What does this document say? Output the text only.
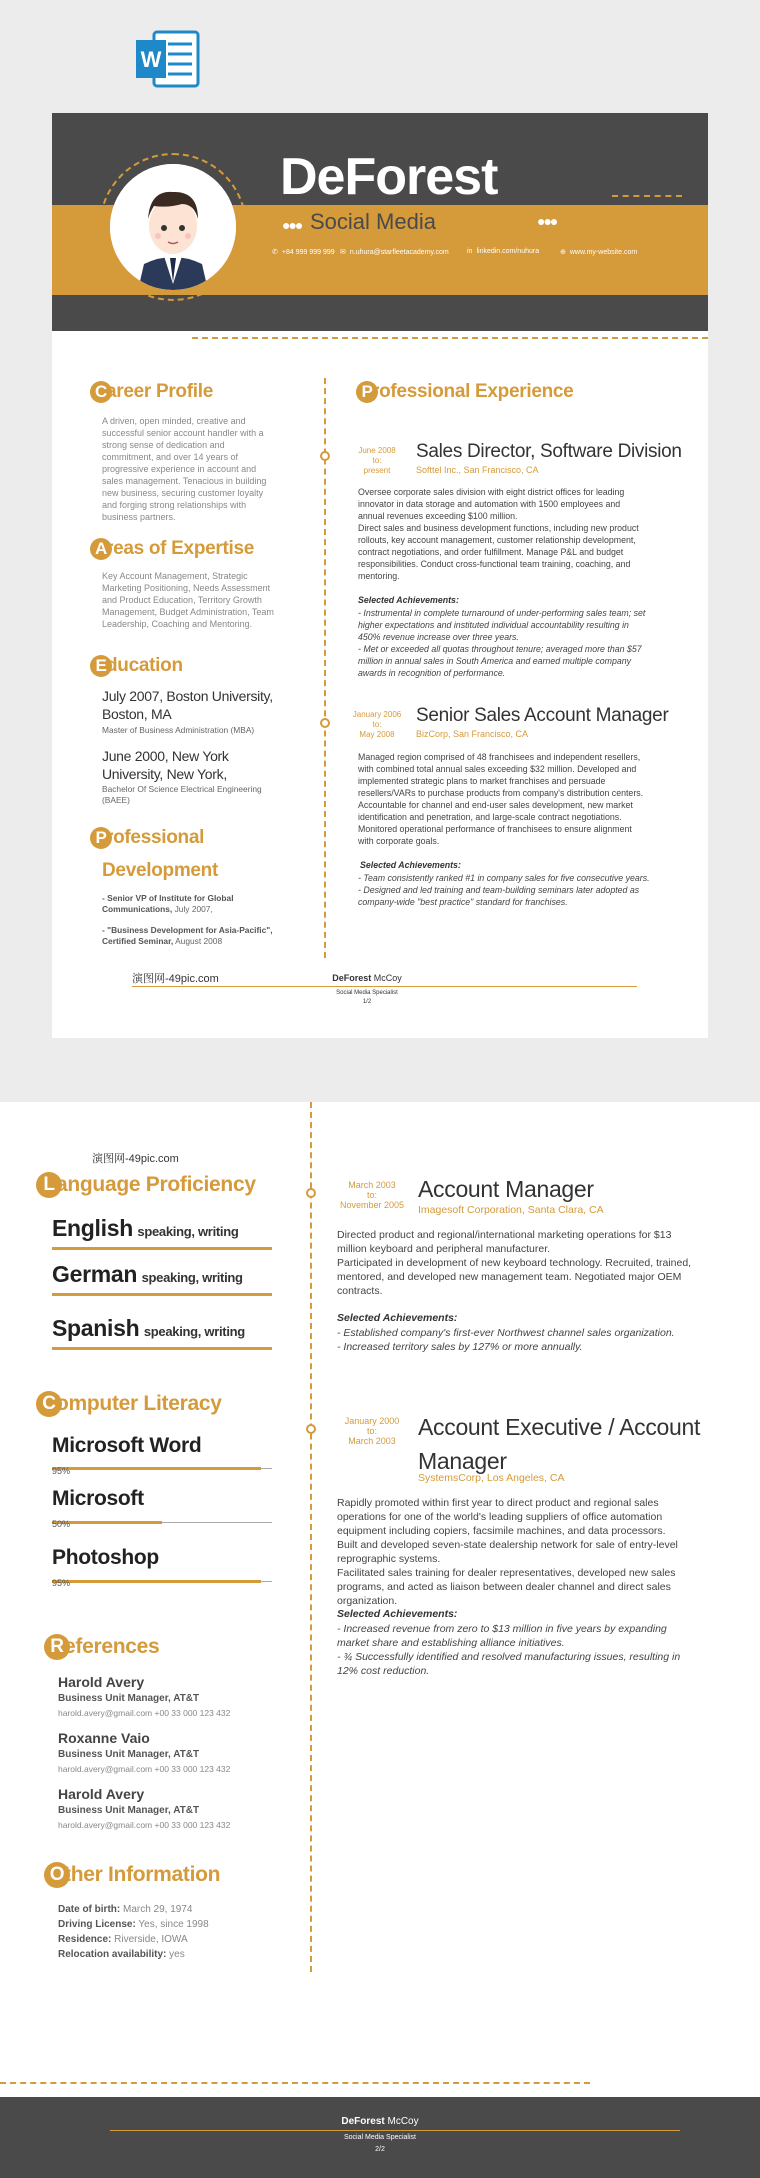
W
DeForest
●●● Social Media	●●●
✆ +84 999 999 999 ✉ n.uhura@starfleetacademy.com	in linkedin.com/nuhura	⊕ www.my-website.com
C areer Profile
A driven, open minded, creative and successful senior account handler with a strong sense of dedication and commitment, and over 14 years of progressive experience in account and sales management. Tenacious in building new business, securing customer loyalty and forging strong relationships with business partners.
A reas of Expertise
Key Account Management, Strategic Marketing Positioning, Needs Assessment and Product Education, Territory Growth Management, Budget Administration, Team Leadership, Coaching and Mentoring.
E ducation
July 2007, Boston University, Boston, MA
Master of Business Administration (MBA)
June 2000, New York University, New York,
Bachelor Of Science Electrical Engineering (BAEE)
P rofessional
Development
- Senior VP of Institute for Global Communications, July 2007,
- "Business Development for Asia-Pacific", Certified Seminar, August 2008
P rofessional Experience
June 2008
to:
present
Sales Director, Software Division
Softtel Inc., San Francisco, CA
Oversee corporate sales division with eight district offices for leading innovator in data storage and automation with 1500 employees and annual revenues exceeding $100 million.
Direct sales and business development functions, including new product rollouts, key account management, customer relationship development, contract negotiations, and order fulfillment. Manage P&L and budget responsibilities. Conduct cross-functional team training, coaching, and mentoring.
Selected Achievements:
- Instrumental in complete turnaround of under-performing sales team; set higher expectations and instituted individual accountability resulting in 450% revenue increase over three years.
- Met or exceeded all quotas throughout tenure; averaged more than $57 million in annual sales in South America and earned multiple company awards in recognition of performance.
January 2006
to:
May 2008
Senior Sales Account Manager
BizCorp, San Francisco, CA
Managed region comprised of 48 franchisees and independent resellers, with combined total annual sales exceeding $32 million. Developed and implemented strategic plans to market franchises and persuade resellers/VARs to purchase products from company's distribution centers. Accountable for channel and end-user sales development, new market identification and penetration, and large-scale contract negotiations. Monitored operational performance of franchisees to ensure alignment with corporate goals.
Selected Achievements:
- Team consistently ranked #1 in company sales for five consecutive years.
- Designed and led training and team-building seminars later adopted as company-wide "best practice" standard for franchises.
演图网-49pic.com	DeForest McCoy
Social Media Specialist
1/2
演图网-49pic.com
L anguage Proficiency
English speaking, writing
German speaking, writing
Spanish speaking, writing
C omputer Literacy
Microsoft Word
95%
Microsoft
50%
Photoshop
95%
R eferences
Harold Avery
Business Unit Manager, AT&T
harold.avery@gmail.com +00 33 000 123 432
Roxanne Vaio
Business Unit Manager, AT&T
harold.avery@gmail.com +00 33 000 123 432
Harold Avery
Business Unit Manager, AT&T
harold.avery@gmail.com +00 33 000 123 432
O ther Information
Date of birth: March 29, 1974
Driving License: Yes, since 1998
Residence: Riverside, IOWA
Relocation availability: yes
March 2003
to:
November 2005
Account Manager
Imagesoft Corporation, Santa Clara, CA
Directed product and regional/international marketing operations for $13 million keyboard and peripheral manufacturer.
Participated in development of new keyboard technology. Recruited, trained, mentored, and developed new management team. Negotiated major OEM contracts.
Selected Achievements:
- Established company's first-ever Northwest channel sales organization.
- Increased territory sales by 127% or more annually.
January 2000
to:
March 2003
Account Executive / Account Manager
SystemsCorp, Los Angeles, CA
Rapidly promoted within first year to direct product and regional sales operations for one of the world's leading suppliers of office automation equipment including copiers, facsimile machines, and data processors.
Built and developed seven-state dealership network for sale of entry-level reprographic systems.
Facilitated sales training for dealer representatives, developed new sales programs, and acted as liaison between dealer channel and direct sales organization.
Selected Achievements:
- Increased revenue from zero to $13 million in five years by expanding market share and establishing alliance initiatives.
- ¾ Successfully identified and resolved manufacturing issues, resulting in 12% cost reduction.
DeForest McCoy
Social Media Specialist
2/2
